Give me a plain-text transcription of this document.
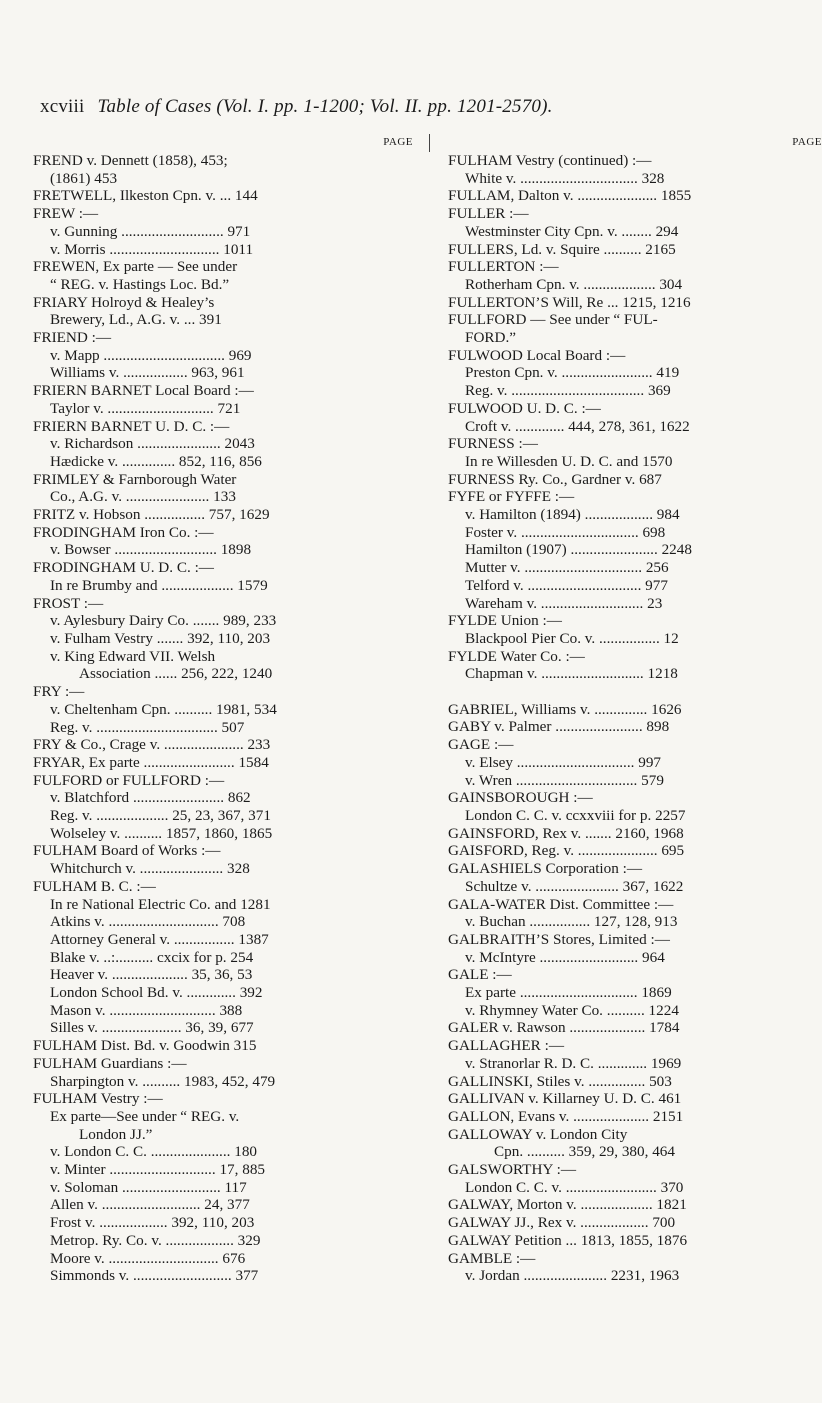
xcviii Table of Cases (Vol. I. pp. 1-1200; Vol. II. pp. 1201-2570).
PAGE
FREND v. Dennett (1858), 453;
(1861) 453
FRETWELL, Ilkeston Cpn. v. ... 144
FREW :—
v. Gunning ........................... 971
v. Morris ............................. 1011
FREWEN, Ex parte — See under
“ REG. v. Hastings Loc. Bd.”
FRIARY Holroyd & Healey’s
Brewery, Ld., A.G. v. ... 391
FRIEND :—
v. Mapp ................................ 969
Williams v. ................. 963, 961
FRIERN BARNET Local Board :—
Taylor v. ............................ 721
FRIERN BARNET U. D. C. :—
v. Richardson ...................... 2043
Hædicke v. .............. 852, 116, 856
FRIMLEY & Farnborough Water
Co., A.G. v. ...................... 133
FRITZ v. Hobson ................ 757, 1629
FRODINGHAM Iron Co. :—
v. Bowser ........................... 1898
FRODINGHAM U. D. C. :—
In re Brumby and ................... 1579
FROST :—
v. Aylesbury Dairy Co. ....... 989, 233
v. Fulham Vestry ....... 392, 110, 203
v. King Edward VII. Welsh
Association ...... 256, 222, 1240
FRY :—
v. Cheltenham Cpn. .......... 1981, 534
Reg. v. ................................ 507
FRY & Co., Crage v. ..................... 233
FRYAR, Ex parte ........................ 1584
FULFORD or FULLFORD :—
v. Blatchford ........................ 862
Reg. v. ................... 25, 23, 367, 371
Wolseley v. .......... 1857, 1860, 1865
FULHAM Board of Works :—
Whitchurch v. ...................... 328
FULHAM B. C. :—
In re National Electric Co. and 1281
Atkins v. ............................. 708
Attorney General v. ................ 1387
Blake v. ..:.......... cxcix for p. 254
Heaver v. .................... 35, 36, 53
London School Bd. v. ............. 392
Mason v. ............................ 388
Silles v. ..................... 36, 39, 677
FULHAM Dist. Bd. v. Goodwin 315
FULHAM Guardians :—
Sharpington v. .......... 1983, 452, 479
FULHAM Vestry :—
Ex parte—See under “ REG. v.
London JJ.”
v. London C. C. ..................... 180
v. Minter ............................ 17, 885
v. Soloman .......................... 117
Allen v. .......................... 24, 377
Frost v. .................. 392, 110, 203
Metrop. Ry. Co. v. .................. 329
Moore v. ............................. 676
Simmonds v. .......................... 377
PAGE
FULHAM Vestry (continued) :—
White v. ............................... 328
FULLAM, Dalton v. ..................... 1855
FULLER :—
Westminster City Cpn. v. ........ 294
FULLERS, Ld. v. Squire .......... 2165
FULLERTON :—
Rotherham Cpn. v. ................... 304
FULLERTON’S Will, Re ... 1215, 1216
FULLFORD — See under “ FUL-
FORD.”
FULWOOD Local Board :—
Preston Cpn. v. ........................ 419
Reg. v. ................................... 369
FULWOOD U. D. C. :—
Croft v. ............. 444, 278, 361, 1622
FURNESS :—
In re Willesden U. D. C. and 1570
FURNESS Ry. Co., Gardner v. 687
FYFE or FYFFE :—
v. Hamilton (1894) .................. 984
Foster v. ............................... 698
Hamilton (1907) ....................... 2248
Mutter v. ............................... 256
Telford v. .............................. 977
Wareham v. ........................... 23
FYLDE Union :—
Blackpool Pier Co. v. ................ 12
FYLDE Water Co. :—
Chapman v. ........................... 1218
GABRIEL, Williams v. .............. 1626
GABY v. Palmer ....................... 898
GAGE :—
v. Elsey ............................... 997
v. Wren ................................ 579
GAINSBOROUGH :—
London C. C. v. ccxxviii for p. 2257
GAINSFORD, Rex v. ....... 2160, 1968
GAISFORD, Reg. v. ..................... 695
GALASHIELS Corporation :—
Schultze v. ...................... 367, 1622
GALA-WATER Dist. Committee :—
v. Buchan ................ 127, 128, 913
GALBRAITH’S Stores, Limited :—
v. McIntyre .......................... 964
GALE :—
Ex parte ............................... 1869
v. Rhymney Water Co. .......... 1224
GALER v. Rawson .................... 1784
GALLAGHER :—
v. Stranorlar R. D. C. ............. 1969
GALLINSKI, Stiles v. ............... 503
GALLIVAN v. Killarney U. D. C. 461
GALLON, Evans v. .................... 2151
GALLOWAY v. London City
Cpn. .......... 359, 29, 380, 464
GALSWORTHY :—
London C. C. v. ........................ 370
GALWAY, Morton v. ................... 1821
GALWAY JJ., Rex v. .................. 700
GALWAY Petition ... 1813, 1855, 1876
GAMBLE :—
v. Jordan ...................... 2231, 1963
